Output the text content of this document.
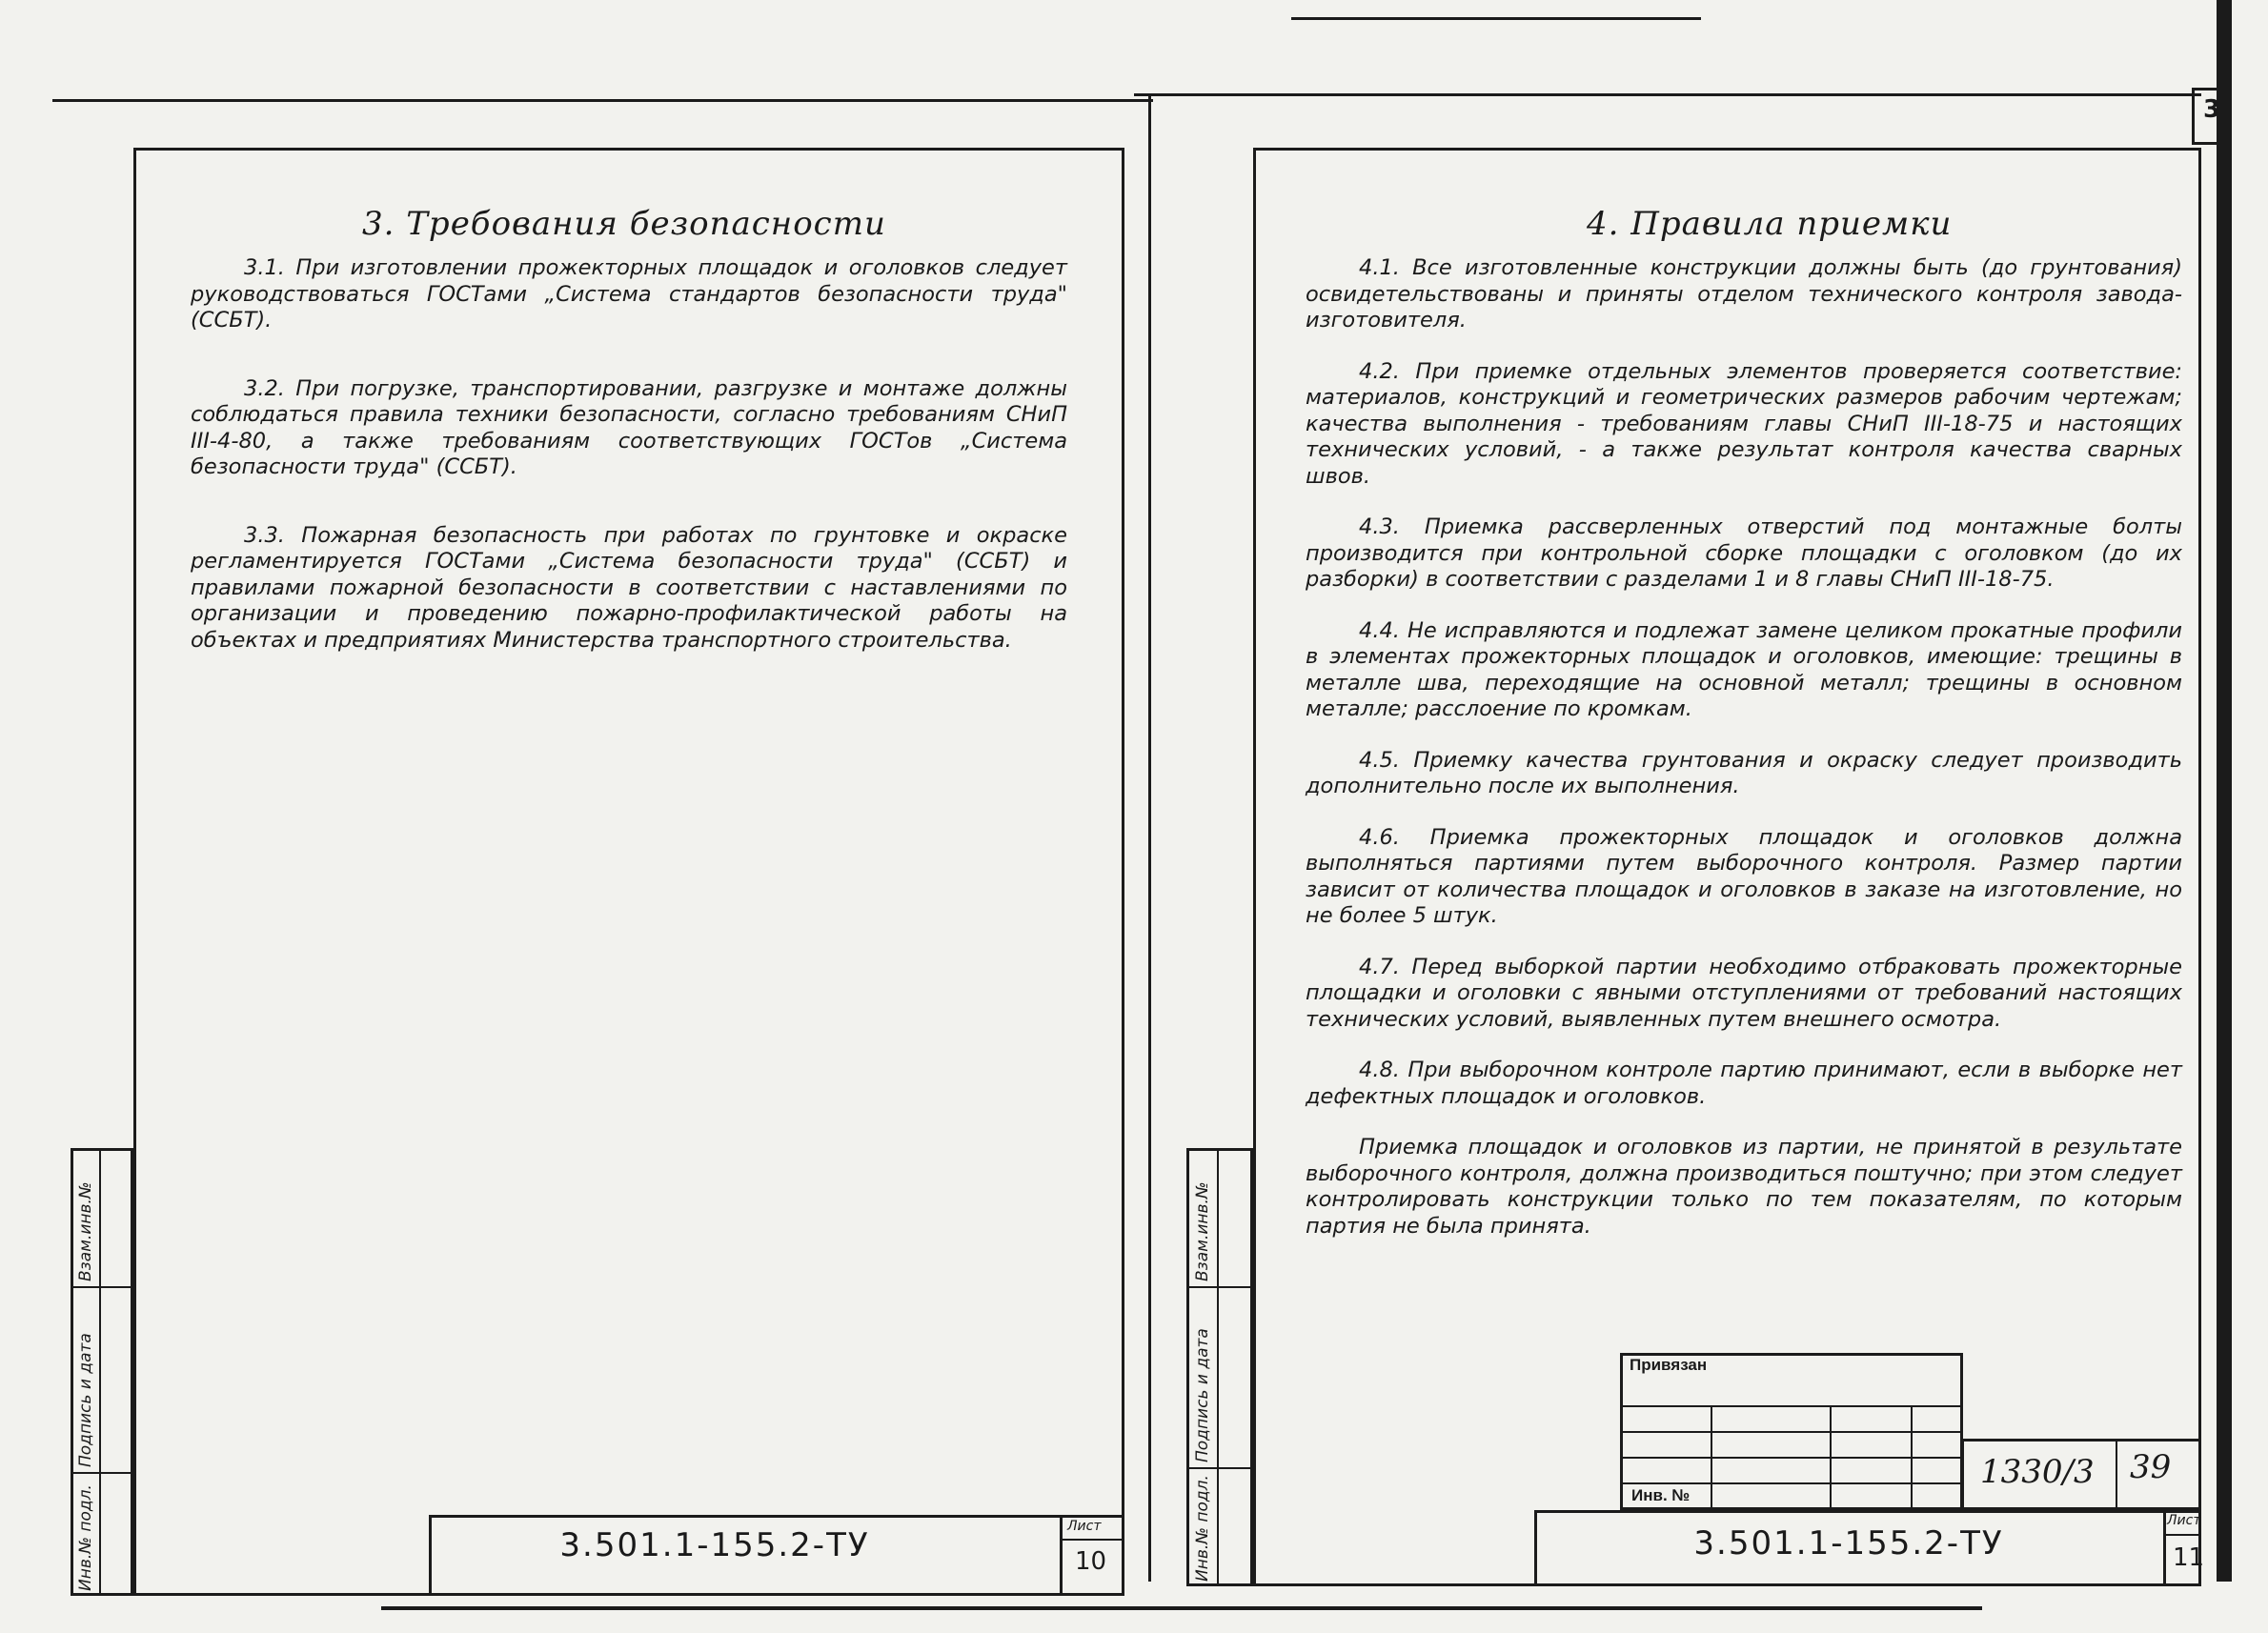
3
3. Требования безопасности

3.1. При изготовлении прожекторных площадок и оголовков следует руководствоваться ГОСТами „Система стандартов безопасности труда" (ССБТ).

3.2. При погрузке, транспортировании, разгрузке и монтаже должны соблюдаться правила техники безопасности, согласно требованиям СНиП III-4-80, а также требованиям соответствующих ГОСТов „Система безопасности труда" (ССБТ).

3.3. Пожарная безопасность при работах по грунтовке и окраске регламентируется ГОСТами „Система безопасности труда" (ССБТ) и правилами пожарной безопасности в соответствии с наставлениями по организации и проведению пожарно-профилактической работы на объектах и предприятиях Министерства транспортного строительства.

Инв.№ подл.
Подпись и дата
Взам.инв.№
3.501.1-155.2-ТУ	Лист
10
4. Правила приемки

4.1. Все изготовленные конструкции должны быть (до грунтования) освидетельствованы и приняты отделом технического контроля завода-изготовителя.

4.2. При приемке отдельных элементов проверяется соответствие: материалов, конструкций и геометрических размеров рабочим чертежам; качества выполнения - требованиям главы СНиП III-18-75 и настоящих технических условий, - а также результат контроля качества сварных швов.

4.3. Приемка рассверленных отверстий под монтажные болты производится при контрольной сборке площадки с оголовком (до их разборки) в соответствии с разделами 1 и 8 главы СНиП III-18-75.

4.4. Не исправляются и подлежат замене целиком прокатные профили в элементах прожекторных площадок и оголовков, имеющие: трещины в металле шва, переходящие на основной металл; трещины в основном металле; расслоение по кромкам.

4.5. Приемку качества грунтования и окраску следует производить дополнительно после их выполнения.

4.6. Приемка прожекторных площадок и оголовков должна выполняться партиями путем выборочного контроля. Размер партии зависит от количества площадок и оголовков в заказе на изготовление, но не более 5 штук.

4.7. Перед выборкой партии необходимо отбраковать прожекторные площадки и оголовки с явными отступлениями от требований настоящих технических условий, выявленных путем внешнего осмотра.

4.8. При выборочном контроле партию принимают, если в выборке нет дефектных площадок и оголовков.

Приемка площадок и оголовков из партии, не принятой в результате выборочного контроля, должна производиться поштучно; при этом следует контролировать конструкции только по тем показателям, по которым партия не была принята.

Инв.№ подл.
Подпись и дата
Взам.инв.№
Привязан
Инв. №
1330/3 39
3.501.1-155.2-ТУ
Лист
11
